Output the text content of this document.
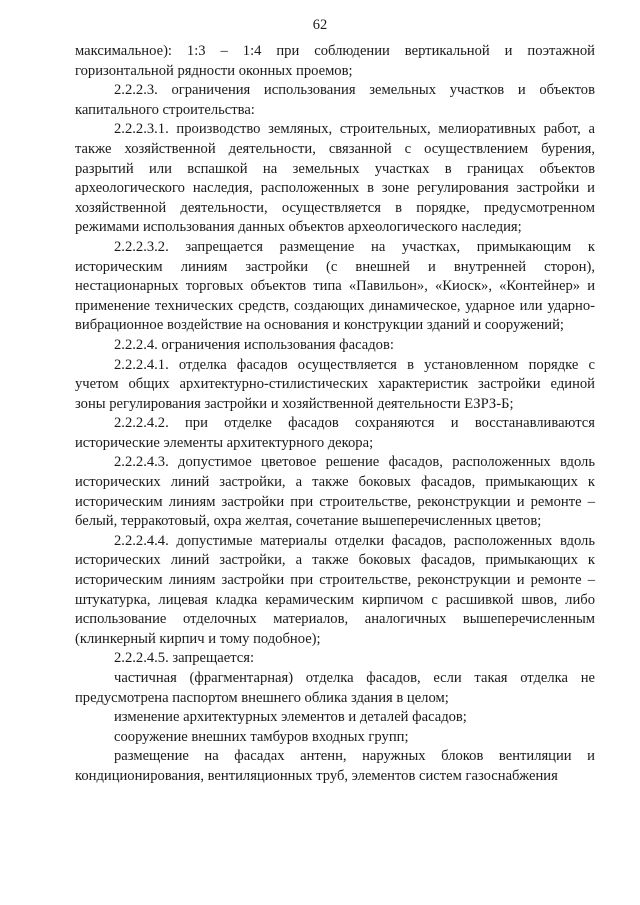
62

максимальное): 1:3 – 1:4 при соблюдении вертикальной и поэтажной горизонтальной рядности оконных проемов;

2.2.2.3. ограничения использования земельных участков и объектов капитального строительства:

2.2.2.3.1. производство земляных, строительных, мелиоративных работ, а также хозяйственной деятельности, связанной с осуществлением бурения, разрытий или вспашкой на земельных участках в границах объектов археологического наследия, расположенных в зоне регулирования застройки и хозяйственной деятельности, осуществляется в порядке, предусмотренном режимами использования данных объектов археологического наследия;

2.2.2.3.2. запрещается размещение на участках, примыкающим к историческим линиям застройки (с внешней и внутренней сторон), нестационарных торговых объектов типа «Павильон», «Киоск», «Контейнер» и применение технических средств, создающих динамическое, ударное или ударно-вибрационное воздействие на основания и конструкции зданий и сооружений;

2.2.2.4. ограничения использования фасадов:

2.2.2.4.1. отделка фасадов осуществляется в установленном порядке с учетом общих архитектурно-стилистических характеристик застройки единой зоны регулирования застройки и хозяйственной деятельности ЕЗРЗ-Б;

2.2.2.4.2. при отделке фасадов сохраняются и восстанавливаются исторические элементы архитектурного декора;

2.2.2.4.3. допустимое цветовое решение фасадов, расположенных вдоль исторических линий застройки, а также боковых фасадов, примыкающих к историческим линиям застройки при строительстве, реконструкции и ремонте – белый, терракотовый, охра желтая, сочетание вышеперечисленных цветов;

2.2.2.4.4. допустимые материалы отделки фасадов, расположенных вдоль исторических линий застройки, а также боковых фасадов, примыкающих к историческим линиям застройки при строительстве, реконструкции и ремонте – штукатурка, лицевая кладка керамическим кирпичом с расшивкой швов, либо использование отделочных материалов, аналогичных вышеперечисленным (клинкерный кирпич и тому подобное);

2.2.2.4.5. запрещается:

частичная (фрагментарная) отделка фасадов, если такая отделка не предусмотрена паспортом внешнего облика здания в целом;

изменение архитектурных элементов и деталей фасадов;

сооружение внешних тамбуров входных групп;

размещение на фасадах антенн, наружных блоков вентиляции и кондиционирования, вентиляционных труб, элементов систем газоснабжения
